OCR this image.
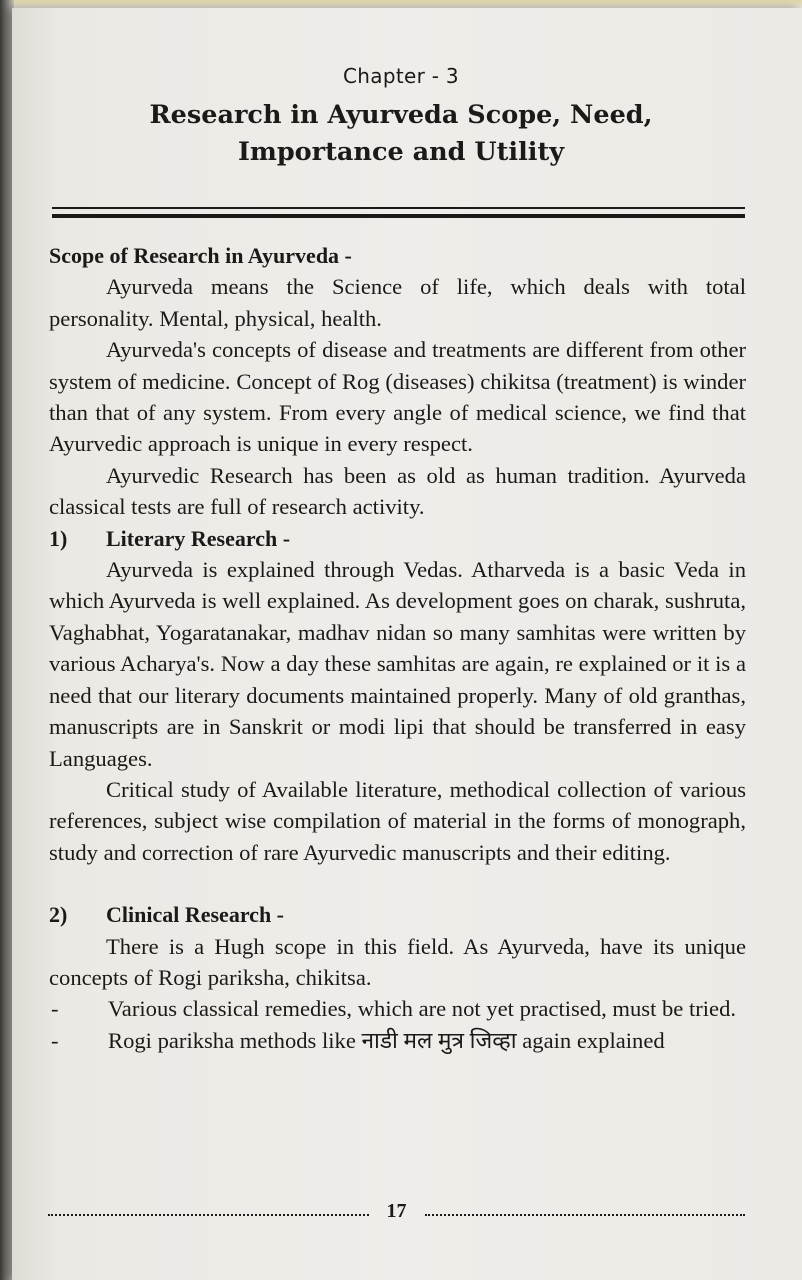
Chapter - 3
Research in Ayurveda Scope, Need,
Importance and Utility

Scope of Research in Ayurveda -

Ayurveda means the Science of life, which deals with total personality. Mental, physical, health.

Ayurveda's concepts of disease and treatments are different from other system of medicine. Concept of Rog (diseases) chikitsa (treatment) is winder than that of any system. From every angle of medical science, we find that Ayurvedic approach is unique in every respect.

Ayurvedic Research has been as old as human tradition. Ayurveda classical tests are full of research activity.

1)	Literary Research -

Ayurveda is explained through Vedas. Atharveda is a basic Veda in which Ayurveda is well explained. As development goes on charak, sushruta, Vaghabhat, Yogaratanakar, madhav nidan so many samhitas were written by various Acharya's. Now a day these samhitas are again, re explained or it is a need that our literary documents maintained properly. Many of old granthas, manuscripts are in Sanskrit or modi lipi that should be transferred in easy Languages.

Critical study of Available literature, methodical collection of various references, subject wise compilation of material in the forms of monograph, study and correction of rare Ayurvedic manuscripts and their editing.

2)	Clinical Research -

There is a Hugh scope in this field. As Ayurveda, have its unique concepts of Rogi pariksha, chikitsa.

-	Various classical remedies, which are not yet practised, must be tried.
-	Rogi pariksha methods like नाडी मल मुत्र जिव्हा again explained
17
